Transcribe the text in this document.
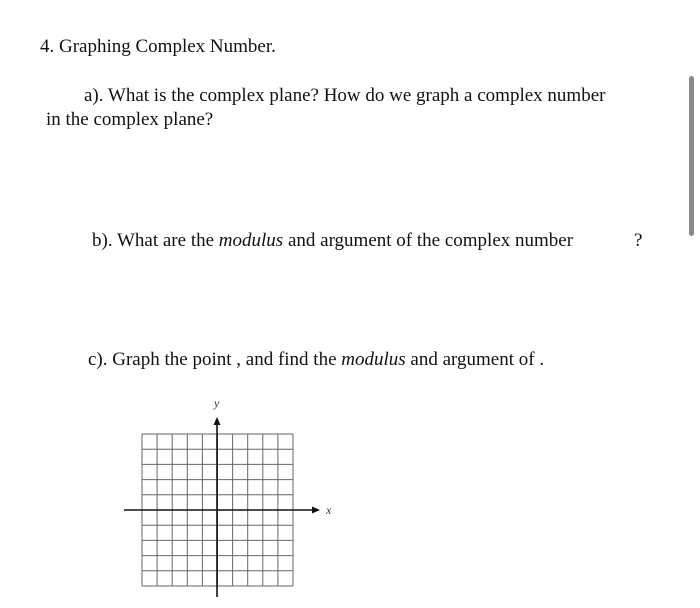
4. Graphing Complex Number.

a). What is the complex plane? How do we graph a complex number

in the complex plane?

b). What are the modulus and argument of the complex number	?

c). Graph the point , and find the modulus and argument of .

x
y
